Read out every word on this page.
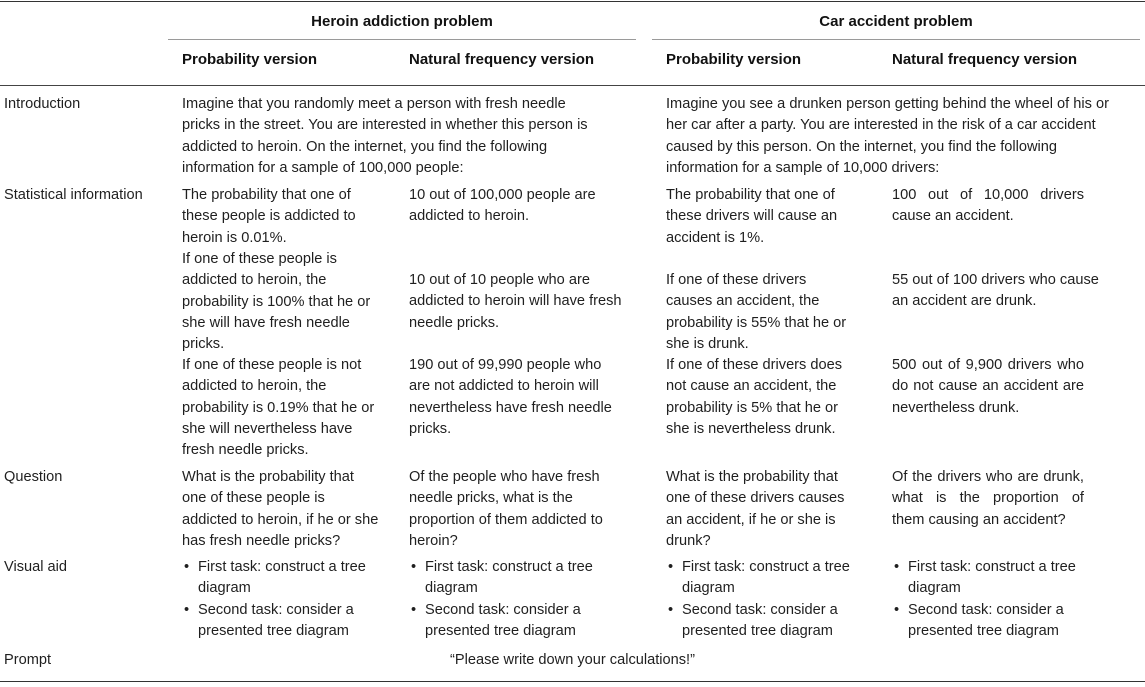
Heroin addiction problem	Car accident problem
Probability version	Natural frequency version	Probability version	Natural frequency version
Introduction	Imagine that you randomly meet a person with fresh needle pricks in the street. You are interested in whether this person is addicted to heroin. On the internet, you find the following information for a sample of 100,000 people:
Imagine you see a drunken person getting behind the wheel of his or her car after a party. You are interested in the risk of a car accident caused by this person. On the internet, you find the following information for a sample of 10,000 drivers:
Statistical information	The probability that one of these people is addicted to heroin is 0.01%.
If one of these people is addicted to heroin, the probability is 100% that he or she will have fresh needle pricks.
If one of these people is not addicted to heroin, the probability is 0.19% that he or she will nevertheless have fresh needle pricks.
10 out of 100,000 people are addicted to heroin.
10 out of 10 people who are addicted to heroin will have fresh needle pricks.
190 out of 99,990 people who are not addicted to heroin will nevertheless have fresh needle pricks.
The probability that one of these drivers will cause an accident is 1%.
If one of these drivers causes an accident, the probability is 55% that he or she is drunk.
If one of these drivers does not cause an accident, the probability is 5% that he or she is nevertheless drunk.
100 out of 10,000 drivers cause an accident.
55 out of 100 drivers who cause an accident are drunk.
500 out of 9,900 drivers who do not cause an accident are nevertheless drunk.
Question	What is the probability that one of these people is addicted to heroin, if he or she has fresh needle pricks?
Of the people who have fresh needle pricks, what is the proportion of them addicted to heroin?
What is the probability that one of these drivers causes an accident, if he or she is drunk?
Of the drivers who are drunk, what is the proportion of them causing an accident?
Visual aid
•	First task: construct a tree diagram
• Second task: consider a presented tree diagram
• First task: construct a tree diagram
• Second task: consider a presented tree diagram
• First task: construct a tree diagram
• Second task: consider a presented tree diagram
• First task: construct a tree diagram
• Second task: consider a presented tree diagram
Prompt	“Please write down your calculations!”
